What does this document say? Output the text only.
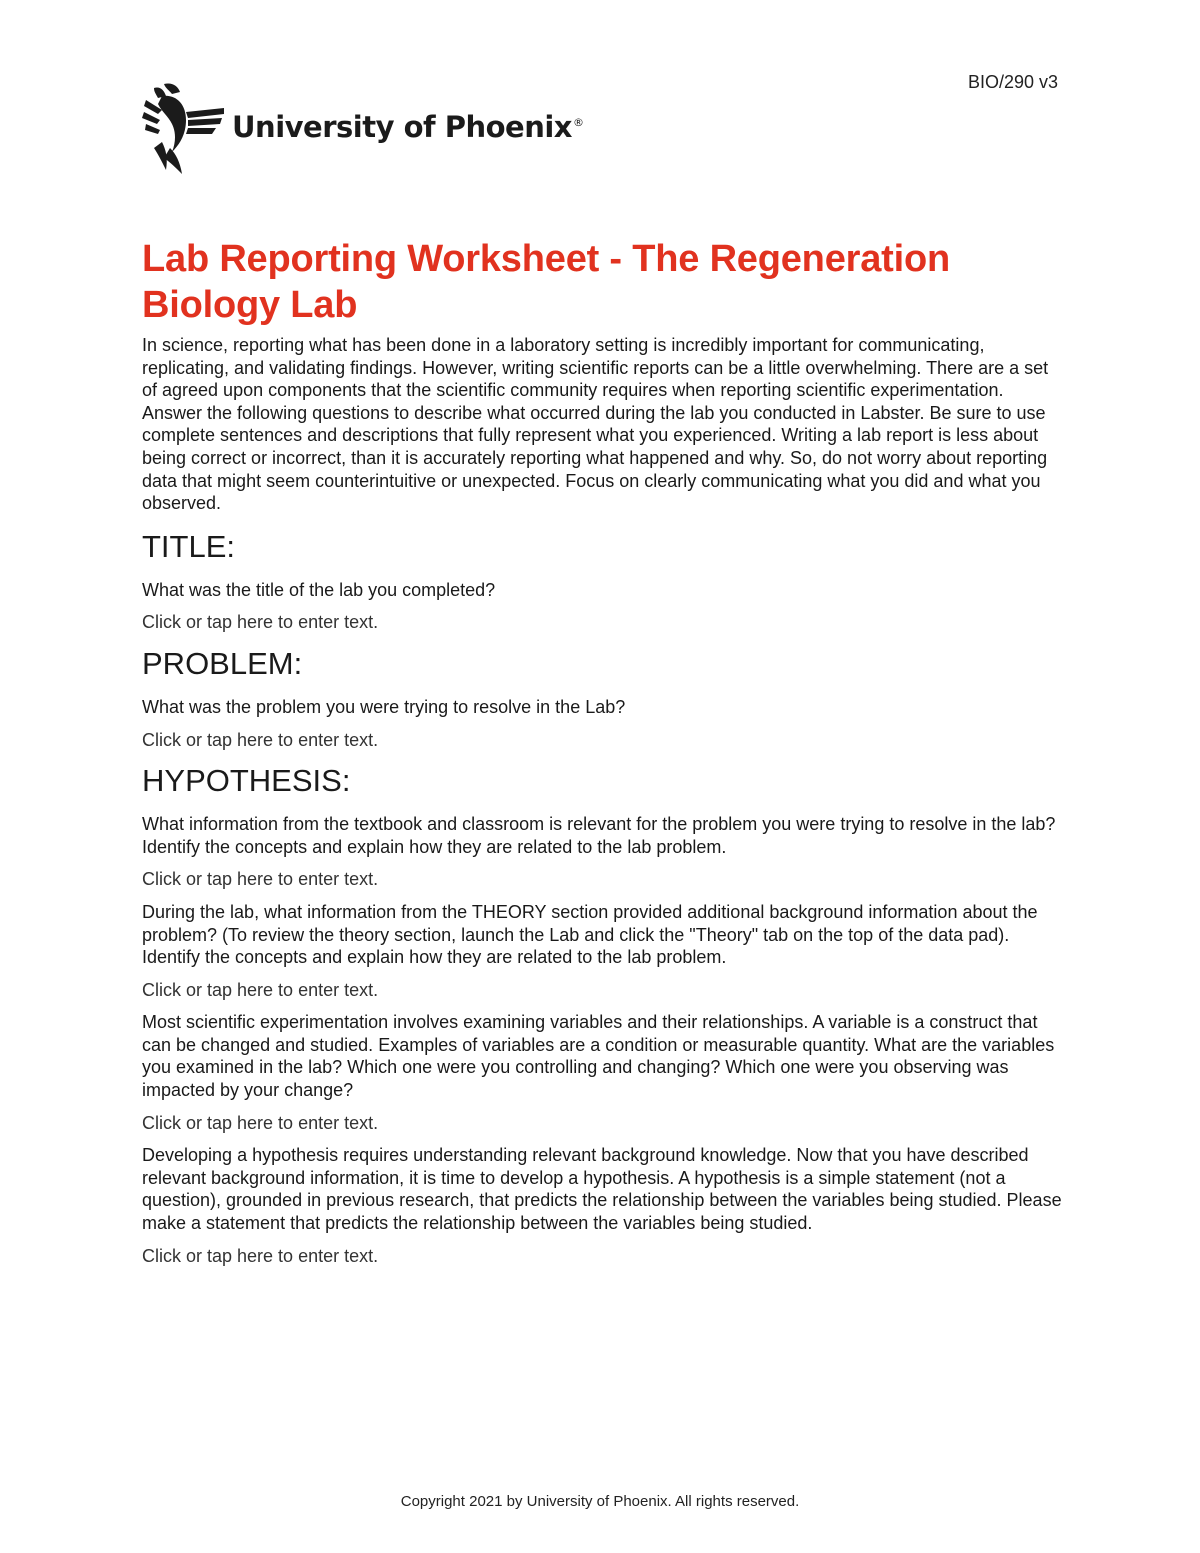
BIO/290 v3
University of Phoenix®
Lab Reporting Worksheet - The Regeneration Biology Lab

In science, reporting what has been done in a laboratory setting is incredibly important for communicating, replicating, and validating findings. However, writing scientific reports can be a little overwhelming. There are a set of agreed upon components that the scientific community requires when reporting scientific experimentation. Answer the following questions to describe what occurred during the lab you conducted in Labster. Be sure to use complete sentences and descriptions that fully represent what you experienced. Writing a lab report is less about being correct or incorrect, than it is accurately reporting what happened and why. So, do not worry about reporting data that might seem counterintuitive or unexpected. Focus on clearly communicating what you did and what you observed.

TITLE:

What was the title of the lab you completed?

Click or tap here to enter text.

PROBLEM:

What was the problem you were trying to resolve in the Lab?

Click or tap here to enter text.

HYPOTHESIS:

What information from the textbook and classroom is relevant for the problem you were trying to resolve in the lab? Identify the concepts and explain how they are related to the lab problem.

Click or tap here to enter text.

During the lab, what information from the THEORY section provided additional background information about the problem? (To review the theory section, launch the Lab and click the "Theory" tab on the top of the data pad). Identify the concepts and explain how they are related to the lab problem.

Click or tap here to enter text.

Most scientific experimentation involves examining variables and their relationships. A variable is a construct that can be changed and studied. Examples of variables are a condition or measurable quantity. What are the variables you examined in the lab? Which one were you controlling and changing? Which one were you observing was impacted by your change?

Click or tap here to enter text.

Developing a hypothesis requires understanding relevant background knowledge. Now that you have described relevant background information, it is time to develop a hypothesis. A hypothesis is a simple statement (not a question), grounded in previous research, that predicts the relationship between the variables being studied. Please make a statement that predicts the relationship between the variables being studied.

Click or tap here to enter text.

Copyright 2021 by University of Phoenix. All rights reserved.
